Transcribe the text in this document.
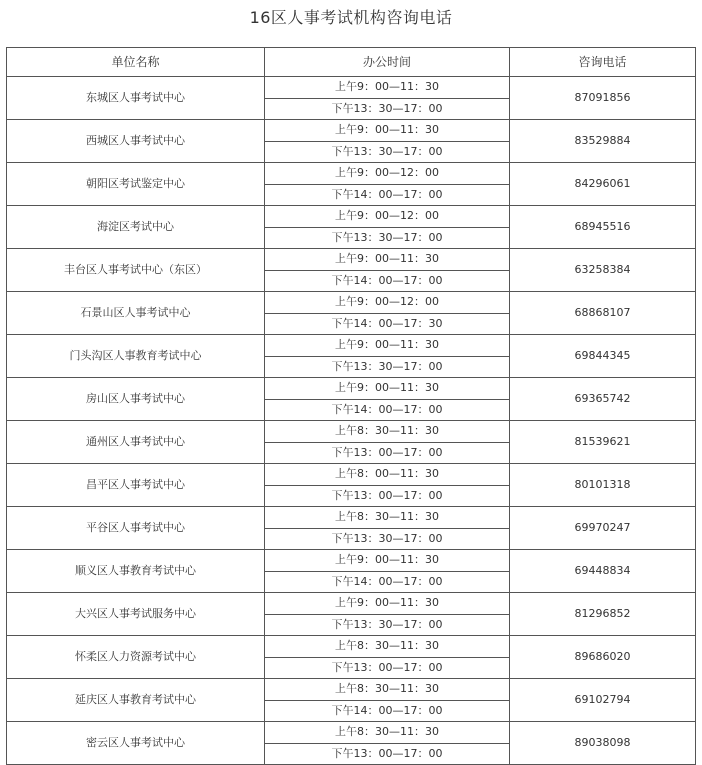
16区人事考试机构咨询电话
单位名称	办公时间	咨询电话
东城区人事考试中心	上午9：00—11：30	87091856
	下午13：30—17：00	
西城区人事考试中心	上午9：00—11：30	83529884
	下午13：30—17：00	
朝阳区考试鉴定中心	上午9：00—12：00	84296061
	下午14：00—17：00	
海淀区考试中心	上午9：00—12：00	68945516
	下午13：30—17：00	
丰台区人事考试中心（东区）	上午9：00—11：30	63258384
	下午14：00—17：00	
石景山区人事考试中心	上午9：00—12：00	68868107
	下午14：00—17：30	
门头沟区人事教育考试中心	上午9：00—11：30	69844345
	下午13：30—17：00	
房山区人事考试中心	上午9：00—11：30	69365742
	下午14：00—17：00	
通州区人事考试中心	上午8：30—11：30	81539621
	下午13：00—17：00	
昌平区人事考试中心	上午8：00—11：30	80101318
	下午13：00—17：00	
平谷区人事考试中心	上午8：30—11：30	69970247
	下午13：30—17：00	
顺义区人事教育考试中心	上午9：00—11：30	69448834
	下午14：00—17：00	
大兴区人事考试服务中心	上午9：00—11：30	81296852
	下午13：30—17：00	
怀柔区人力资源考试中心	上午8：30—11：30	89686020
	下午13：00—17：00	
延庆区人事教育考试中心	上午8：30—11：30	69102794
	下午14：00—17：00	
密云区人事考试中心	上午8：30—11：30	89038098
	下午13：00—17：00	
